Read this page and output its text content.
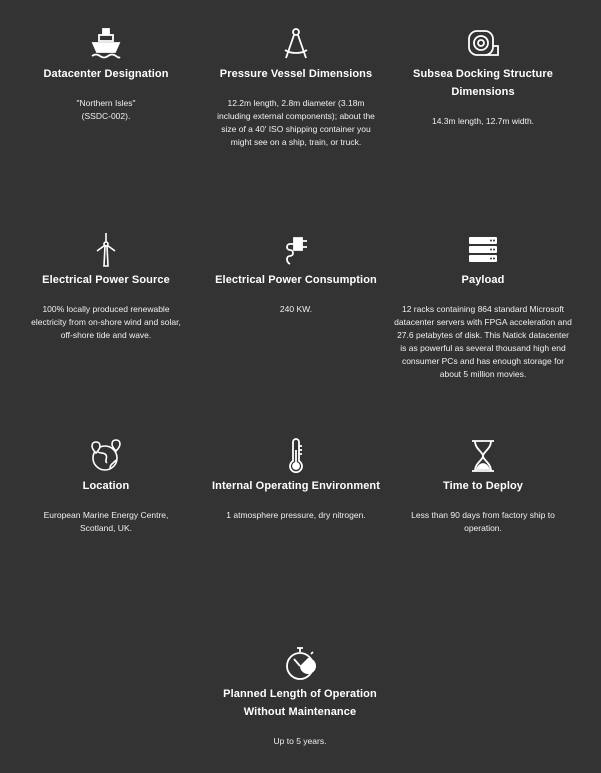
Datacenter Designation
"Northern Isles"
(SSDC-002).
Pressure Vessel Dimensions
12.2m length, 2.8m diameter (3.18m including external components); about the size of a 40' ISO shipping container you might see on a ship, train, or truck.
Subsea Docking Structure Dimensions
14.3m length, 12.7m width.
Electrical Power Source
100% locally produced renewable electricity from on-shore wind and solar, off-shore tide and wave.
Electrical Power Consumption
240 KW.
Payload
12 racks containing 864 standard Microsoft datacenter servers with FPGA acceleration and 27.6 petabytes of disk. This Natick datacenter is as powerful as several thousand high end consumer PCs and has enough storage for about 5 million movies.
Location
European Marine Energy Centre, Scotland, UK.
Internal Operating Environment
1 atmosphere pressure, dry nitrogen.
Time to Deploy
Less than 90 days from factory ship to operation.
Planned Length of Operation Without Maintenance
Up to 5 years.
